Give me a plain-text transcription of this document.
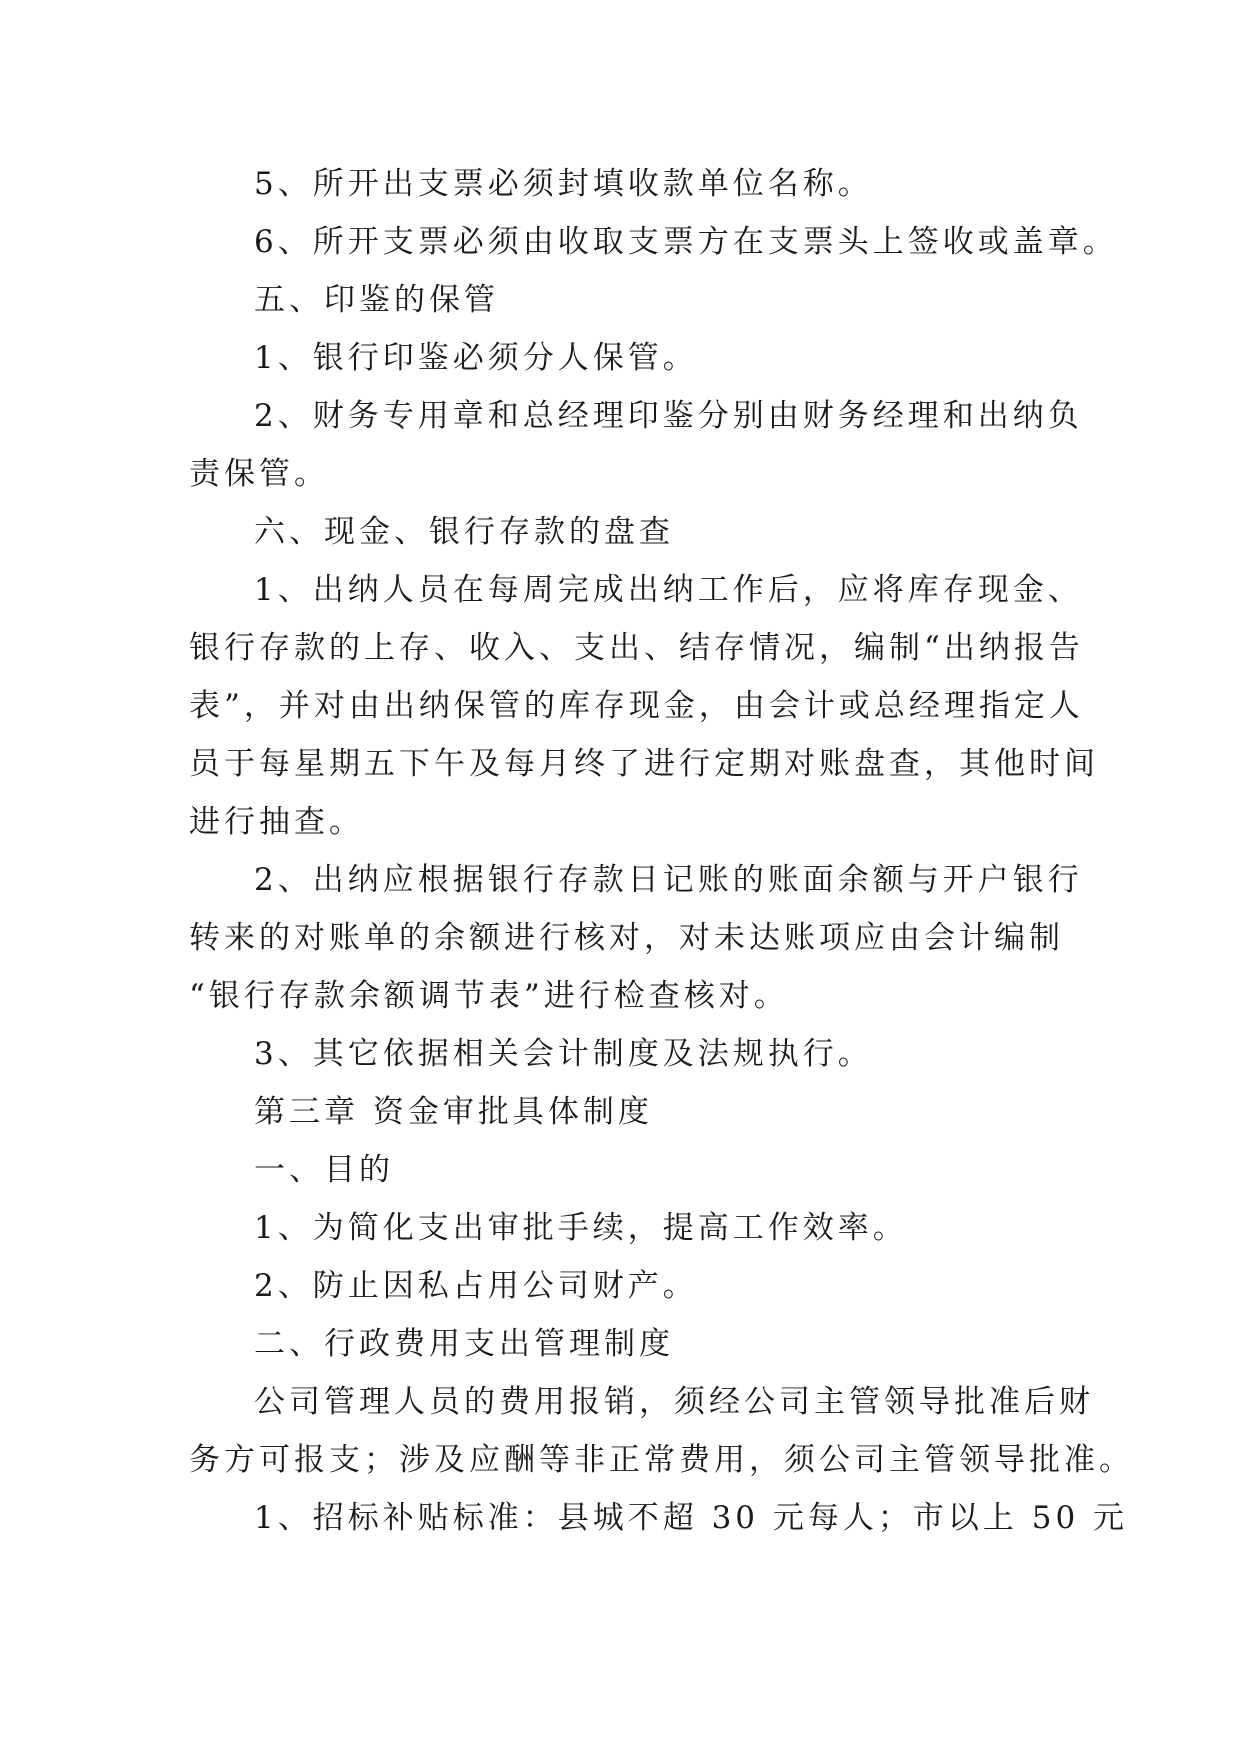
5、所开出支票必须封填收款单位名称。

6、所开支票必须由收取支票方在支票头上签收或盖章。

五、印鉴的保管

1、银行印鉴必须分人保管。

2、财务专用章和总经理印鉴分别由财务经理和出纳负

责保管。

六、现金、银行存款的盘查

1、出纳人员在每周完成出纳工作后，应将库存现金、

银行存款的上存、收入、支出、结存情况，编制“出纳报告

表”，并对由出纳保管的库存现金，由会计或总经理指定人

员于每星期五下午及每月终了进行定期对账盘查，其他时间

进行抽查。

2、出纳应根据银行存款日记账的账面余额与开户银行

转来的对账单的余额进行核对，对未达账项应由会计编制

“银行存款余额调节表”进行检查核对。

3、其它依据相关会计制度及法规执行。

第三章 资金审批具体制度

一、目的

1、为简化支出审批手续，提高工作效率。

2、防止因私占用公司财产。

二、行政费用支出管理制度

公司管理人员的费用报销，须经公司主管领导批准后财

务方可报支；涉及应酬等非正常费用，须公司主管领导批准。

1、招标补贴标准：县城不超 30 元每人；市以上 50 元
